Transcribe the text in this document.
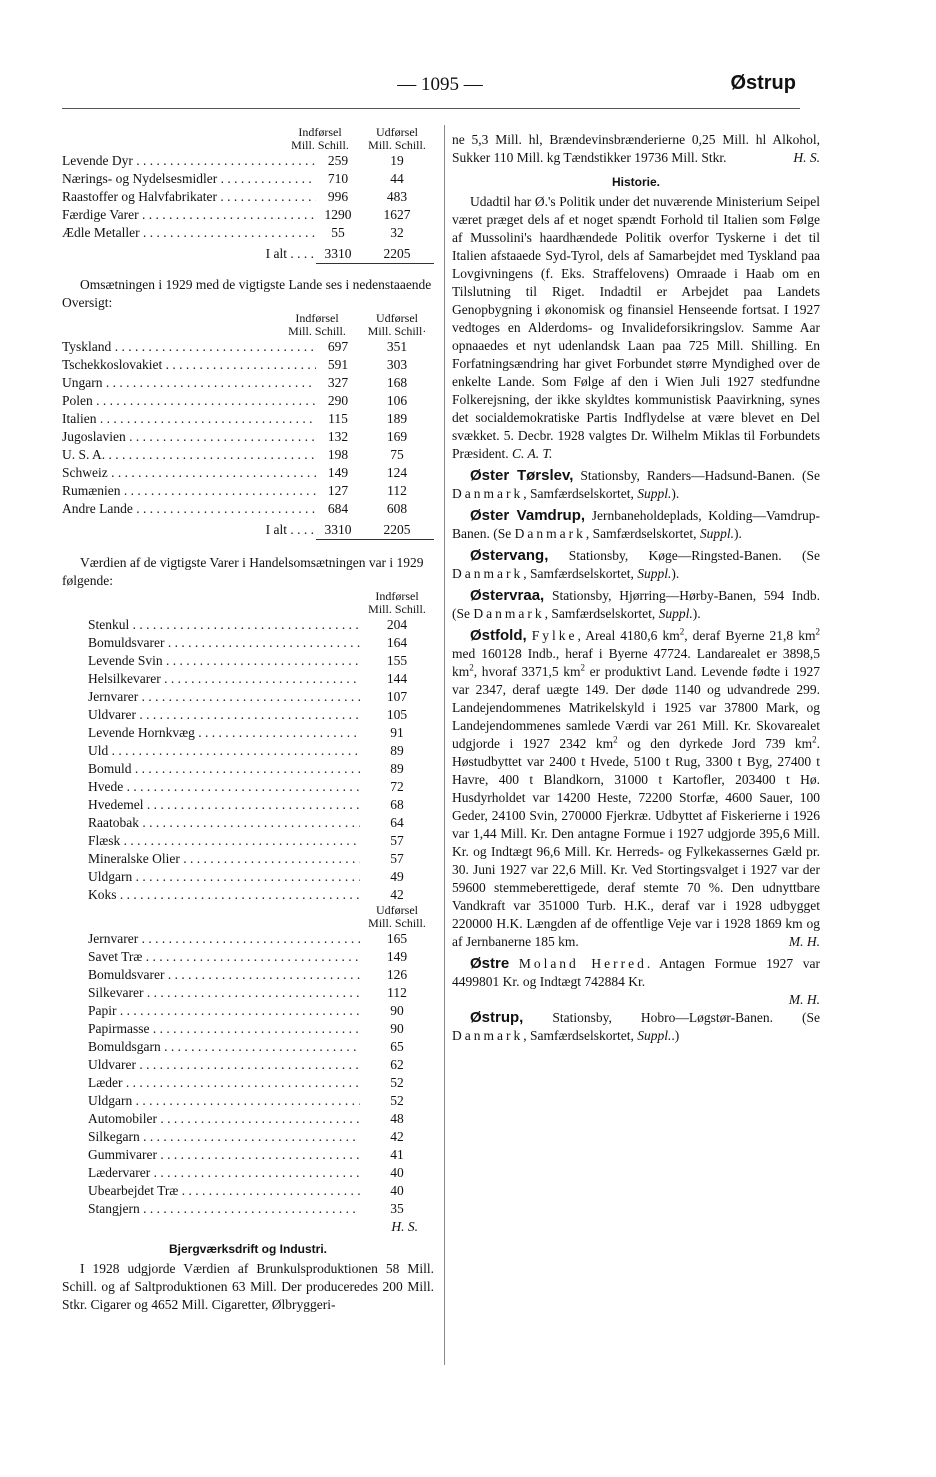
— 1095 —	Østrup
Indførsel
Mill. Schill.
Udførsel
Mill. Schill.
Levende Dyr . . .	259	19
Nærings- og Nydelsesmidler . . .	710	44
Raastoffer og Halvfabrikater . . .	996	483
Færdige Varer . . .	1290	1627
Ædle Metaller . . .	55	32
I alt . . . .	3310	2205

Omsætningen i 1929 med de vigtigste Lande ses i nedenstaaende Oversigt:

Indførsel
Mill. Schill.
Udførsel
Mill. Schill·
Tyskland . . .	697	351
Tschekkoslovakiet . . .	591	303
Ungarn . . .	327	168
Polen . . .	290	106
Italien . . .	115	189
Jugoslavien . . .	132	169
U. S. A. . . .	198	75
Schweiz . . .	149	124
Rumænien . . .	127	112
Andre Lande . . .	684	608
I alt . . . .	3310	2205

Værdien af de vigtigste Varer i Handelsomsætningen var i 1929 følgende:

Indførsel
Mill. Schill.
Stenkul . . .	204
Bomuldsvarer . . .	164
Levende Svin . . .	155
Helsilkevarer . . .	144
Jernvarer . . .	107
Uldvarer . . .	105
Levende Hornkvæg . . .	91
Uld . . .	89
Bomuld . . .	89
Hvede . . .	72
Hvedemel . . .	68
Raatobak . . .	64
Flæsk . . .	57
Mineralske Olier . . .	57
Uldgarn . . .	49
Koks . . .	42
Udførsel
Mill. Schill.
Jernvarer . . .	165
Savet Træ . . .	149
Bomuldsvarer . . .	126
Silkevarer . . .	112
Papir . . .	90
Papirmasse . . .	90
Bomuldsgarn . . .	65
Uldvarer . . .	62
Læder . . .	52
Uldgarn . . .	52
Automobiler . . .	48
Silkegarn . . .	42
Gummivarer . . .	41
Lædervarer . . .	40
Ubearbejdet Træ . . .	40
Stangjern . . .	35
H. S.
Bjergværksdrift og Industri.

I 1928 udgjorde Værdien af Brunkulsproduktionen 58 Mill. Schill. og af Saltproduktionen 63 Mill. Der produceredes 200 Mill. Stkr. Cigarer og 4652 Mill. Cigaretter, Ølbryggeri-

ne 5,3 Mill. hl, Brændevinsbrænderierne 0,25 Mill. hl Alkohol, Sukker 110 Mill. kg Tændstikker 19736 Mill. Stkr.	H. S.

Historie.

Udadtil har Ø.'s Politik under det nuværende Ministerium Seipel været præget dels af et noget spændt Forhold til Italien som Følge af Mussolini's haardhændede Politik overfor Tyskerne i det til Italien afstaaede Syd-Tyrol, dels af Samarbejdet med Tyskland paa Lovgivningens (f. Eks. Straffelovens) Omraade i Haab om en Tilslutning til Riget. Indadtil er Arbejdet paa Landets Genopbygning i økonomisk og finansiel Henseende fortsat. I 1927 vedtoges en Alderdoms- og Invalideforsikringslov. Samme Aar opnaaedes et nyt udenlandsk Laan paa 725 Mill. Shilling. En Forfatningsændring har givet Forbundet større Myndighed over de enkelte Lande. Som Følge af den i Wien Juli 1927 stedfundne Folkerejsning, der ikke skyldtes kommunistisk Paavirkning, synes det socialdemokratiske Partis Indflydelse at være blevet en Del svækket. 5. Decbr. 1928 valgtes Dr. Wilhelm Miklas til Forbundets Præsident. C. A. T.

Øster Tørslev, Stationsby, Randers—Hadsund-Banen. (Se Danmark, Samfærdselskortet, Suppl.).

Øster Vamdrup, Jernbaneholdeplads, Kolding—Vamdrup-Banen. (Se Danmark, Samfærdselskortet, Suppl.).

Østervang, Stationsby, Køge—Ringsted-Banen. (Se Danmark, Samfærdselskortet, Suppl.).

Østervraa, Stationsby, Hjørring—Hørby-Banen, 594 Indb. (Se Danmark, Samfærdselskortet, Suppl.).

Østfold, Fylke, Areal 4180,6 $km^2$, deraf Byerne 21,8 $km^2$ med 160128 Indb., heraf i Byerne 47724. Landarealet er 3898,5 $km^2$, hvoraf 3371,5 $km^2$ er produktivt Land. Levende fødte i 1927 var 2347, deraf uægte 149. Der døde 1140 og udvandrede 299. Landejendommenes Matrikelskyld i 1925 var 37800 Mark, og Landejendommenes samlede Værdi var 261 Mill. Kr. Skovarealet udgjorde i 1927 2342 $km^2$ og den dyrkede Jord 739 $km^2$. Høstudbyttet var 2400 t Hvede, 5100 t Rug, 3300 t Byg, 27400 t Havre, 400 t Blandkorn, 31000 t Kartofler, 203400 t Hø. Husdyrholdet var 14200 Heste, 72200 Storfæ, 4600 Sauer, 100 Geder, 24100 Svin, 270000 Fjerkræ. Udbyttet af Fiskerierne i 1926 var 1,44 Mill. Kr. Den antagne Formue i 1927 udgjorde 395,6 Mill. Kr. og Indtægt 96,6 Mill. Kr. Herreds- og Fylkekassernes Gæld pr. 30. Juni 1927 var 22,6 Mill. Kr. Ved Stortingsvalget i 1927 var der 59600 stemmeberettigede, deraf stemte 70 %. Den udnyttbare Vandkraft var 351000 Turb. H.K., deraf var i 1928 udbygget 220000 H.K. Længden af de offentlige Veje var i 1928 1869 km og af Jernbanerne 185 km.	M. H.

Østre Moland Herred. Antagen Formue 1927 var 4499801 Kr. og Indtægt 742884 Kr.

M. H.

Østrup, Stationsby, Hobro—Løgstør-Banen. (Se Danmark, Samfærdselskortet, Suppl..)
